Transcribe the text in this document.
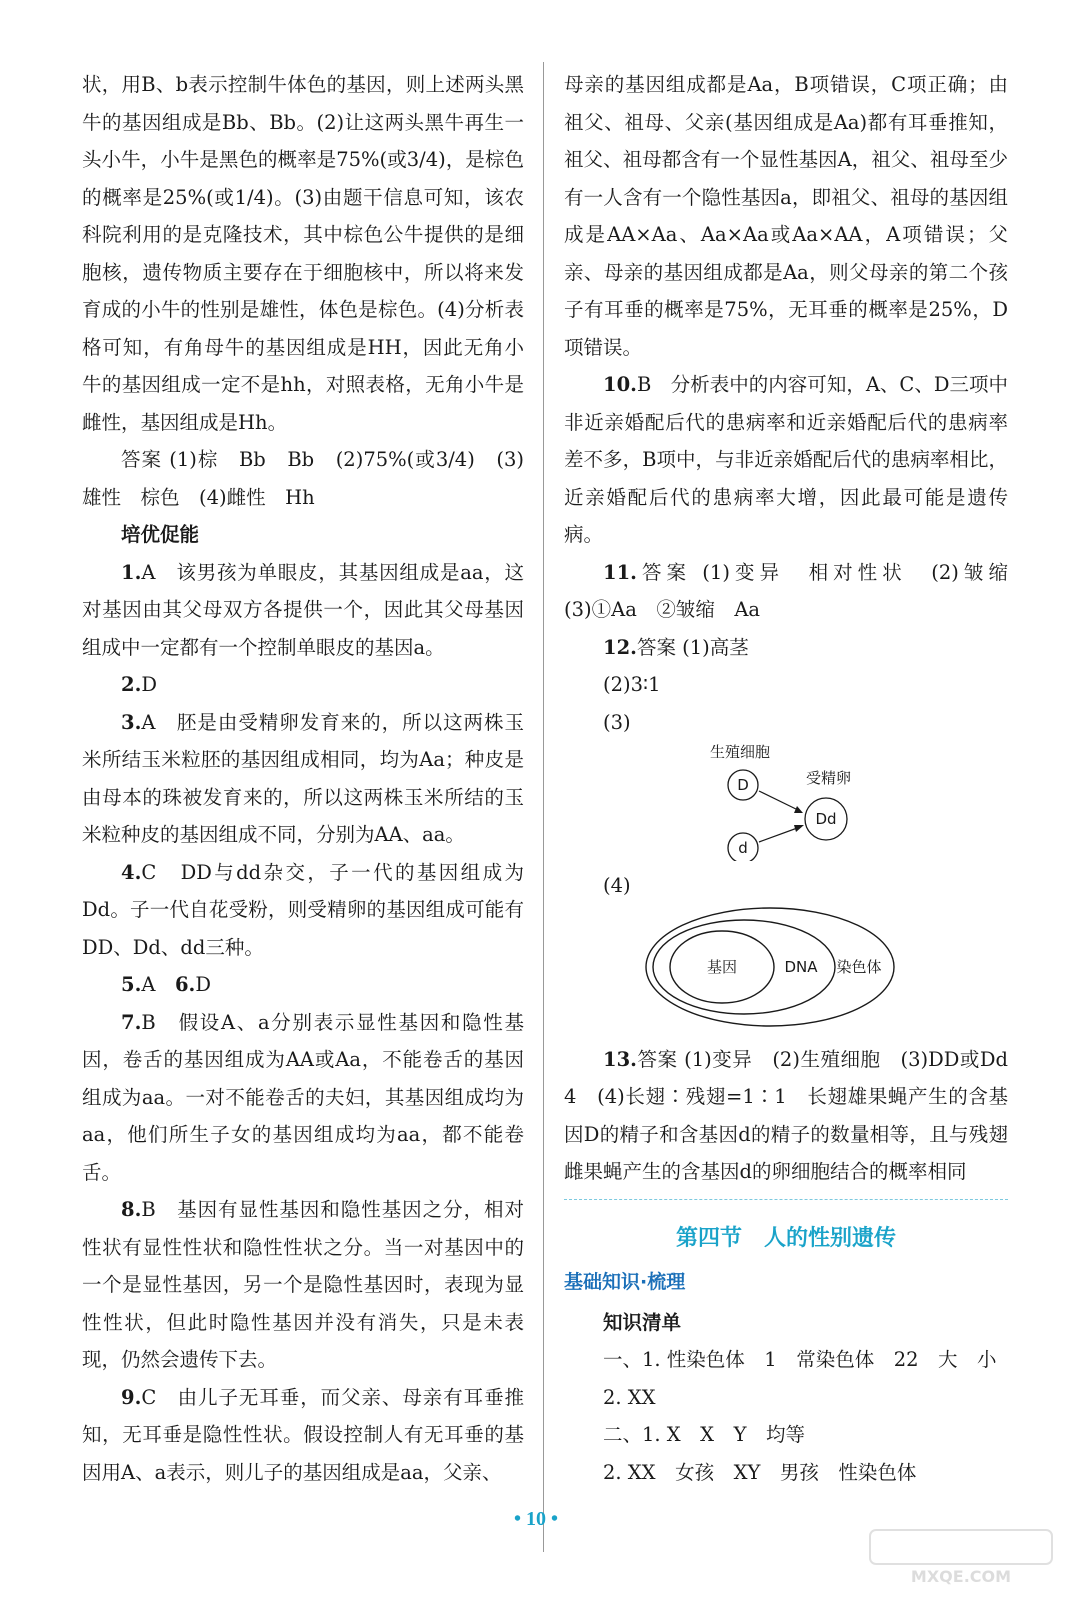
状，用B、b表示控制牛体色的基因，则上述两头黑牛的基因组成是Bb、Bb。(2)让这两头黑牛再生一头小牛，小牛是黑色的概率是75%(或3/4)，是棕色的概率是25%(或1/4)。(3)由题干信息可知，该农科院利用的是克隆技术，其中棕色公牛提供的是细胞核，遗传物质主要存在于细胞核中，所以将来发育成的小牛的性别是雄性，体色是棕色。(4)分析表格可知，有角母牛的基因组成是HH，因此无角小牛的基因组成一定不是hh，对照表格，无角小牛是雌性，基因组成是Hh。

答案 (1)棕　Bb　Bb　(2)75%(或3/4)　(3)雄性　棕色　(4)雌性　Hh

培优促能

1.A　该男孩为单眼皮，其基因组成是aa，这对基因由其父母双方各提供一个，因此其父母基因组成中一定都有一个控制单眼皮的基因a。

2.D

3.A　胚是由受精卵发育来的，所以这两株玉米所结玉米粒胚的基因组成相同，均为Aa；种皮是由母本的珠被发育来的，所以这两株玉米所结的玉米粒种皮的基因组成不同，分别为AA、aa。

4.C　DD与dd杂交，子一代的基因组成为Dd。子一代自花受粉，则受精卵的基因组成可能有DD、Dd、dd三种。

5.A　6.D

7.B　假设A、a分别表示显性基因和隐性基因，卷舌的基因组成为AA或Aa，不能卷舌的基因组成为aa。一对不能卷舌的夫妇，其基因组成均为aa，他们所生子女的基因组成均为aa，都不能卷舌。

8.B　基因有显性基因和隐性基因之分，相对性状有显性性状和隐性性状之分。当一对基因中的一个是显性基因，另一个是隐性基因时，表现为显性性状，但此时隐性基因并没有消失，只是未表现，仍然会遗传下去。

9.C　由儿子无耳垂，而父亲、母亲有耳垂推知，无耳垂是隐性性状。假设控制人有无耳垂的基因用A、a表示，则儿子的基因组成是aa，父亲、

母亲的基因组成都是Aa，B项错误，C项正确；由祖父、祖母、父亲(基因组成是Aa)都有耳垂推知，祖父、祖母都含有一个显性基因A，祖父、祖母至少有一人含有一个隐性基因a，即祖父、祖母的基因组成是AA×Aa、Aa×Aa或Aa×AA，A项错误；父亲、母亲的基因组成都是Aa，则父母亲的第二个孩子有耳垂的概率是75%，无耳垂的概率是25%，D项错误。

10.B　分析表中的内容可知，A、C、D三项中非近亲婚配后代的患病率和近亲婚配后代的患病率差不多，B项中，与非近亲婚配后代的患病率相比，近亲婚配后代的患病率大增，因此最可能是遗传病。

11.答案 (1)变异　相对性状　(2)皱缩　(3)①Aa　②皱缩　Aa

12.答案 (1)高茎

(2)3∶1

(3)

生殖细胞
受精卵
D
d
Dd

(4)

基因	DNA 染色体

13.答案 (1)变异　(2)生殖细胞　(3)DD或Dd　4　(4)长翅∶残翅=1∶1　长翅雄果蝇产生的含基因D的精子和含基因d的精子的数量相等，且与残翅雌果蝇产生的含基因d的卵细胞结合的概率相同

第四节　人的性别遗传

基础知识·梳理

知识清单

一、1. 性染色体　1　常染色体　22　大　小

2. XX

二、1. X　X　Y　均等

2. XX　女孩　XY　男孩　性染色体

• 10 •
MXQE.COM
